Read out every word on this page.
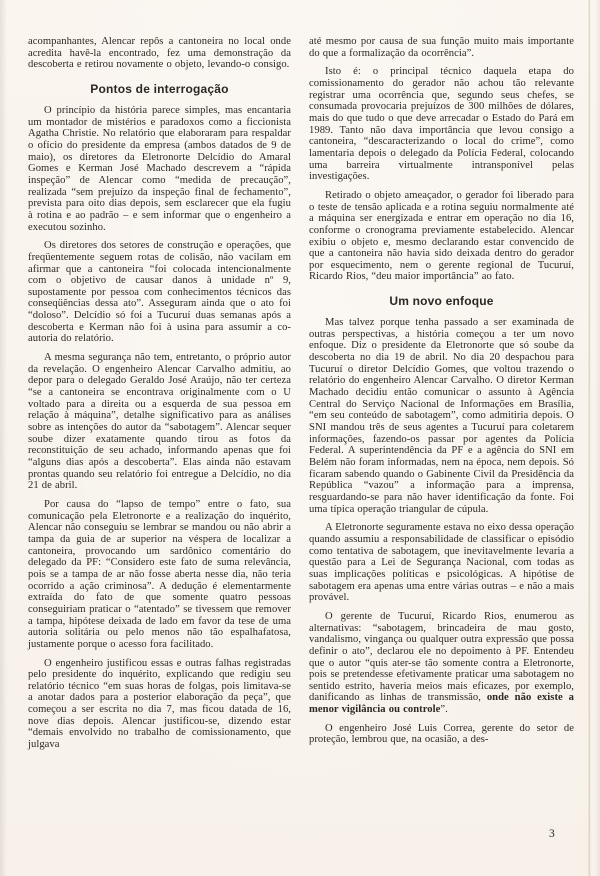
acompanhantes, Alencar repôs a cantoneira no local onde acredita havê-la encontrado, fez uma demonstração da descoberta e retirou novamente o objeto, levando-o consigo.

Pontos de interrogação

O princípio da história parece simples, mas encantaria um montador de mistérios e paradoxos como a ficcionista Agatha Christie. No relatório que elaboraram para respaldar o ofício do presidente da empresa (ambos datados de 9 de maio), os diretores da Eletronorte Delcídio do Amaral Gomes e Kerman José Machado descrevem a “rápida inspeção” de Alencar como “medida de precaução”, realizada “sem prejuízo da inspeção final de fechamento”, prevista para oito dias depois, sem esclarecer que ela fugiu à rotina e ao padrão – e sem informar que o engenheiro a executou sozinho.

Os diretores dos setores de construção e operações, que freqüentemente seguem rotas de colisão, não vacilam em afirmar que a cantoneira “foi colocada intencionalmente com o objetivo de causar danos à unidade nº 9, supostamente por pessoa com conhecimentos técnicos das conseqüências dessa ato”. Asseguram ainda que o ato foi “doloso”. Delcídio só foi a Tucuruí duas semanas após a descoberta e Kerman não foi à usina para assumir a co-autoria do relatório.

A mesma segurança não tem, entretanto, o próprio autor da revelação. O engenheiro Alencar Carvalho admitiu, ao depor para o delegado Geraldo José Araújo, não ter certeza “se a cantoneira se encontrava originalmente com o U voltado para a direita ou a esquerda de sua pessoa em relação à máquina”, detalhe significativo para as análises sobre as intenções do autor da “sabotagem”. Alencar sequer soube dizer exatamente quando tirou as fotos da reconstituição de seu achado, informando apenas que foi “alguns dias após a descoberta”. Elas ainda não estavam prontas quando seu relatório foi entregue a Delcídio, no dia 21 de abril.

Por causa do “lapso de tempo” entre o fato, sua comunicação pela Eletronorte e a realização do inquérito, Alencar não conseguiu se lembrar se mandou ou não abrir a tampa da guia de ar superior na véspera de localizar a cantoneira, provocando um sardônico comentário do delegado da PF: “Considero este fato de suma relevância, pois se a tampa de ar não fosse aberta nesse dia, não teria ocorrido a ação criminosa”. A dedução é elementarmente extraída do fato de que somente quatro pessoas conseguiriam praticar o “atentado” se tivessem que remover a tampa, hipótese deixada de lado em favor da tese de uma autoria solitária ou pelo menos não tão espalhafatosa, justamente porque o acesso fora facilitado.

O engenheiro justificou essas e outras falhas registradas pelo presidente do inquérito, explicando que redigiu seu relatório técnico “em suas horas de folgas, pois limitava-se a anotar dados para a posterior elaboração da peça”, que começou a ser escrita no dia 7, mas ficou datada de 16, nove dias depois. Alencar justificou-se, dizendo estar “demais envolvido no trabalho de comissionamento, que julgava

até mesmo por causa de sua função muito mais importante do que a formalização da ocorrência”.

Isto é: o principal técnico daquela etapa do comissionamento do gerador não achou tão relevante registrar uma ocorrência que, segundo seus chefes, se consumada provocaria prejuízos de 300 milhões de dólares, mais do que tudo o que deve arrecadar o Estado do Pará em 1989. Tanto não dava importância que levou consigo a cantoneira, “descaracterizando o local do crime”, como lamentaria depois o delegado da Polícia Federal, colocando uma barreira virtualmente intransponível pelas investigações.

Retirado o objeto ameaçador, o gerador foi liberado para o teste de tensão aplicada e a rotina seguiu normalmente até a máquina ser energizada e entrar em operação no dia 16, conforme o cronograma previamente estabelecido. Alencar exibiu o objeto e, mesmo declarando estar convencido de que a cantoneira não havia sido deixada dentro do gerador por esquecimento, nem o gerente regional de Tucuruí, Ricardo Rios, “deu maior importância” ao fato.

Um novo enfoque

Mas talvez porque tenha passado a ser examinada de outras perspectivas, a história começou a ter um novo enfoque. Diz o presidente da Eletronorte que só soube da descoberta no dia 19 de abril. No dia 20 despachou para Tucuruí o diretor Delcídio Gomes, que voltou trazendo o relatório do engenheiro Alencar Carvalho. O diretor Kerman Machado decidiu então comunicar o assunto à Agência Central do Serviço Nacional de Informações em Brasília, “em seu conteúdo de sabotagem”, como admitiria depois. O SNI mandou três de seus agentes a Tucuruí para coletarem informações, fazendo-os passar por agentes da Polícia Federal. A superintendência da PF e a agência do SNI em Belém não foram informadas, nem na época, nem depois. Só ficaram sabendo quando o Gabinente Civil da Presidência da República “vazou” a informação para a imprensa, resguardando-se para não haver identificação da fonte. Foi uma típica operação triangular de cúpula.

A Eletronorte seguramente estava no eixo dessa operação quando assumiu a responsabilidade de classificar o episódio como tentativa de sabotagem, que inevitavelmente levaria a questão para a Lei de Segurança Nacional, com todas as suas implicações políticas e psicológicas. A hipótise de sabotagem era apenas uma entre várias outras – e não a mais provável.

O gerente de Tucuruí, Ricardo Rios, enumerou as alternativas: “sabotagem, brincadeira de mau gosto, vandalismo, vingança ou qualquer outra expressão que possa definir o ato”, declarou ele no depoimento à PF. Entendeu que o autor “quis ater-se tão somente contra a Eletronorte, pois se pretendesse efetivamente praticar uma sabotagem no sentido estrito, haveria meios mais eficazes, por exemplo, danificando as linhas de transmissão, onde não existe a menor vigilância ou controle”.

O engenheiro José Luis Correa, gerente do setor de proteção, lembrou que, na ocasião, a des-

3
